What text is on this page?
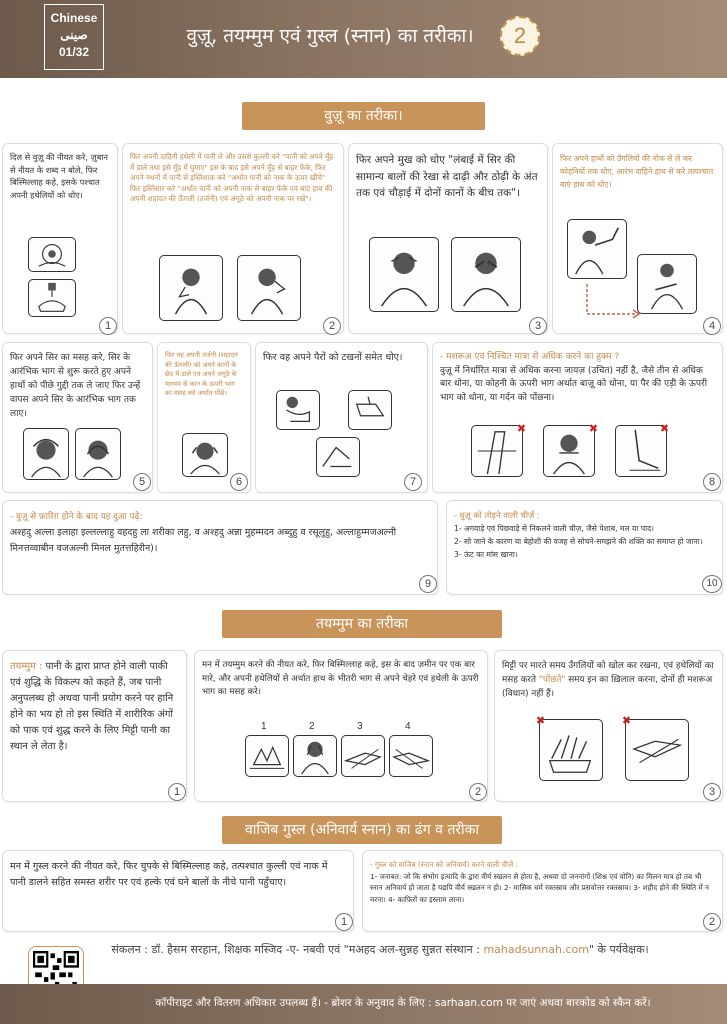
Chinese
صينى
01/32
वुज़ू, तयम्मुम एवं गुस्ल (स्नान) का तरीका।	2
वुज़ू का तरीका।
दिल से वुज़ू की नीयत करे, ज़ुबान से नीयत के शब्द न बोले, फिर बिस्मिल्लाह कहे, इसके पश्चात अपनी हथेलियों को धोए।
1
फिर अपनी दाहिनी हथेली में पानी ले और उससे कुल्ली करे "पानी को अपने मुँह में डाले तथा इसे मुँह में घुमाए" इस के बाद इसे अपने मुँह से बाहर फेंके, फिर अपने नथनों में पानी से इस्तिंशाक़ करे "अर्थात पानी को नाक के ऊपर खींचे" फिर इस्तिंसार करे "अर्थात पानी को अपनी नाक से बाहर फेंके एवं बाएं हाथ की अपनी शहादत की ऊँगली (तर्जनी) एवं अंगूठे को अपनी नाक पर रखे"।
2
फिर अपने मुख को धोए "लंबाई में सिर की सामान्य बालों की रेखा से दाढ़ी और ठोढ़ी के अंत तक एवं चौड़ाई में दोनों कानों के बीच तक"।
3
फिर अपने हाथों को उँगलियों की नोक से ले कर कोहनियों तक धोए, आरंभ दाहिने हाथ से करे तत्पश्चात बाएं हाथ को धोए।
4
फिर अपने सिर का मसह करे, सिर के आरंभिक भाग से शुरू करते हुए अपने हाथों को पीछे गुद्दी तक ले जाए फिर उन्हें वापस अपने सिर के आरंभिक भाग तक लाए।
5
फिर वह अपनी तर्जनी (शहादत की ऊँगली) को अपने कानों के छेद में डाले एवं अपने अंगूठे के माध्यम से कान के ऊपरी भाग का मसह करे अर्थात पोंछे।
6
फिर वह अपने पैरों को टखनों समेत धोए।
7
- मशरूअ एवं निश्चित मात्रा से अधिक करने का हुक्म ?
वुज़ू में निर्धारित मात्रा से अधिक करना जायज़ (उचित) नहीं है, जैसे तीन से अधिक बार धोना, या कोहनी के ऊपरी भाग अर्थात बाज़ू को धोना, या पैर की एड़ी के ऊपरी भाग को धोना, या गर्दन को पोंछना।
✖	✖	✖
8
- वुज़ू से फ़ारिग़ होने के बाद यह दुआ पढ़े:
अश्हदु अल्ला इलाहा इल्लल्लाहु वहदहु ला शरीका लहु, व अश्हदु अन्ना मुहम्मदन अब्दुहु व रसूलुहु, अल्लाहुम्मजअल्नी मिनत्तव्वाबीन वजअल्नी मिनल मुतत्तहिरीन)।
9
- वुज़ू को तोड़ने वाली चीज़ें :
1- अगवाड़े एवं पिछवाड़े से निकलने वाली चीज़, जैसे पेशाब, मल या पाद।
2- सो जाने के कारण या बेहोशी की वजह से सोचने-समझने की शक्ति का समाप्त हो जाना।
3- ऊंट का मांस खाना।
10
तयम्मुम का तरीका
तयम्मुम : पानी के द्वारा प्राप्त होने वाली पाकी एवं शुद्धि के विकल्प को कहते हैं, जब पानी अनुपलब्ध हो अथवा पानी प्रयोग करने पर हानि होने का भय हो तो इस स्थिति में शारीरिक अंगों को पाक एवं शुद्ध करने के लिए मिट्टी पानी का स्थान ले लेता है।
1
मन में तयम्मुम करने की नीयत करे, फिर बिस्मिल्लाह कहे, इस के बाद ज़मीन पर एक बार मारे, और अपनी हथेलियों से अर्थात हाथ के भीतरी भाग से अपने चेहरे एवं हथेली के ऊपरी भाग का मसह करे।
1	2	3	4
2
मिट्टी पर मारते समय उँगलियों को खोल कर रखना, एवं हथेलियों का मसह करते "पोंछते" समय इन का ख़िलाल करना, दोनों ही मशरूअ (विधान) नहीं हैं।
✖	✖
3
वाजिब गुस्ल (अनिवार्य स्नान) का ढंग व तरीका
मन में गुस्ल करने की नीयत करे, फिर चुपके से बिस्मिल्लाह कहे, तत्पश्चात कुल्ली एवं नाक में पानी डालने सहित समस्त शरीर पर एवं हल्के एवं घने बालों के नीचे पानी पहुँचाए।
1
- गुस्ल को वाजिब (स्नान को अनिवार्य) करने वाली चीज़ें :
1- जनाबत: जो कि संभोग इत्यादि के द्वारा वीर्य स्खलन से होता है, अथवा दो जननांगों (शिश्न एवं योनि) का मिलन मात्र हो तब भी स्नान अनिवार्य हो जाता है यद्यपि वीर्य स्खलन न हो। 2- मासिक धर्म रक्तस्राव और प्रसवोत्तर रक्तस्राव। 3- शहीद होने की स्थिति में न मरना। 4- काफ़िरों का इस्लाम लाना।
2
संकलन : डॉ. हैसम सरहान, शिक्षक मस्जिद -ए- नबवी एवं "मअहद अल-सुन्नह सुन्नत संस्थान : mahadsunnah.com" के पर्यवेक्षक।
कॉपीराइट और वितरण अधिकार उपलब्ध हैं। - ब्रोशर के अनुवाद के लिए : sarhaan.com पर जाएं अथवा बारकोड को स्कैन करें।
